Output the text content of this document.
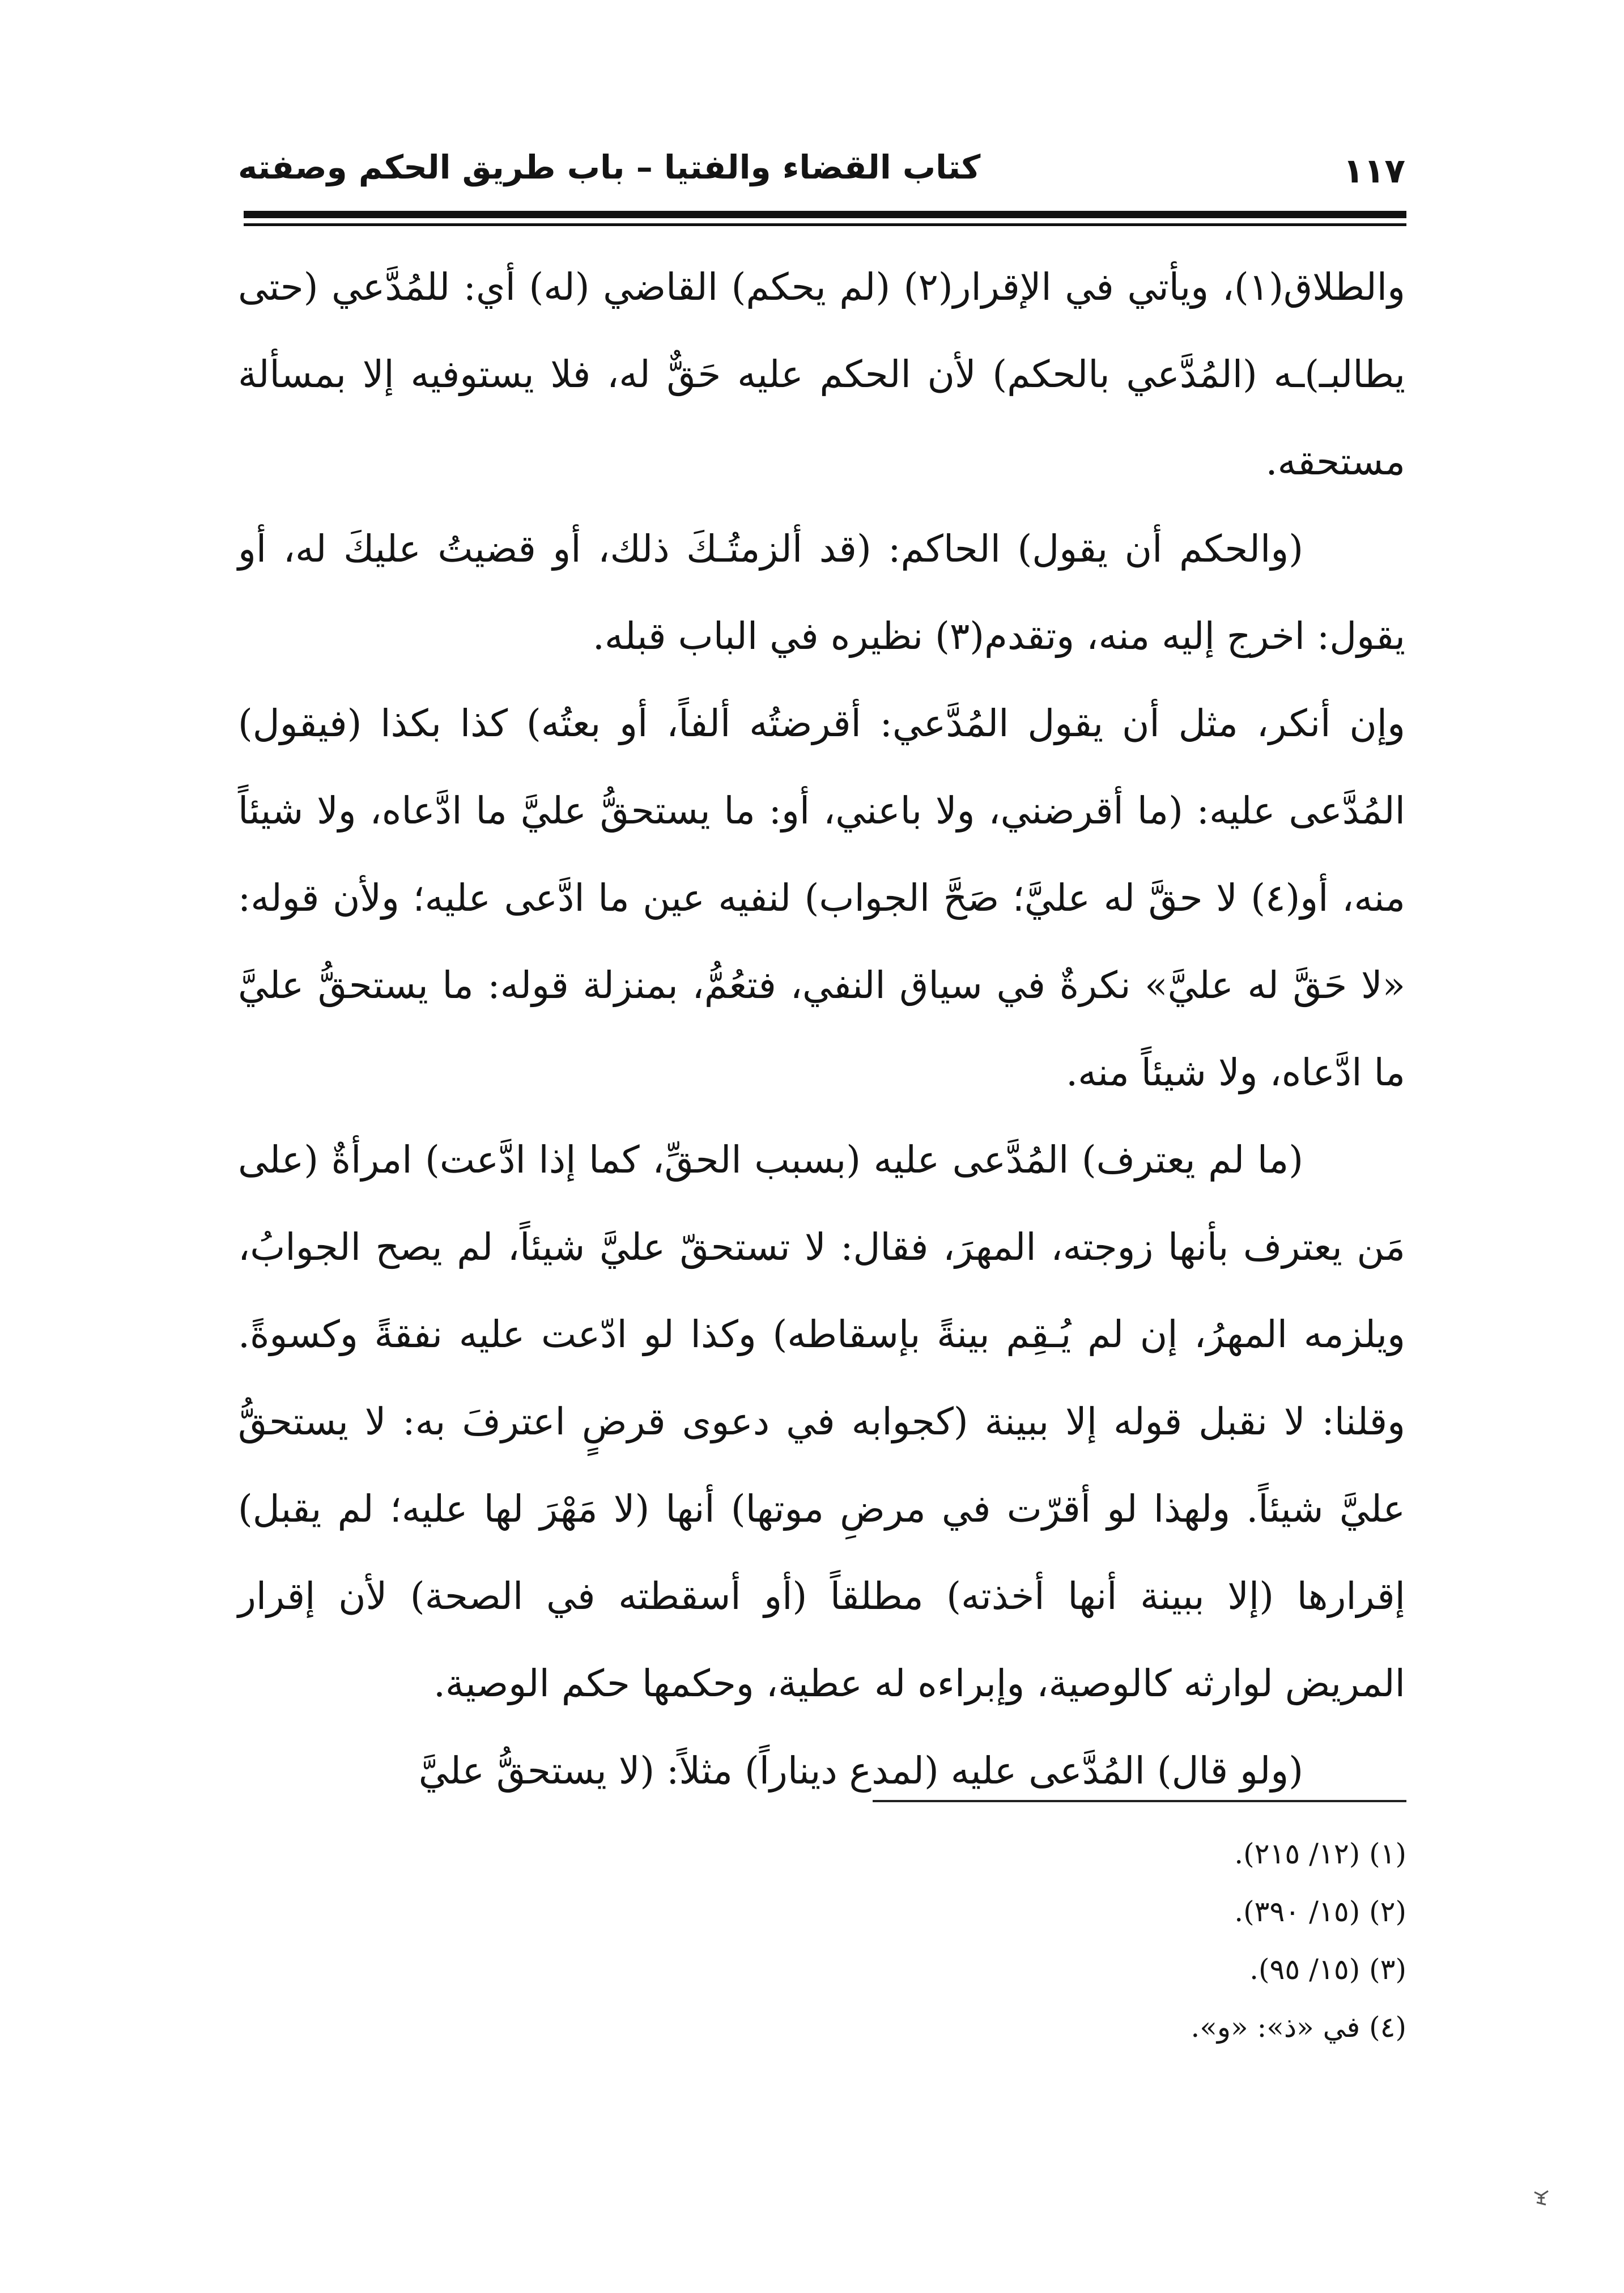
كتاب القضاء والفتيا – باب طريق الحكم وصفته	١١٧

والطلاق(١)، ويأتي في الإقرار(٢) (لم يحكم) القاضي (له) أي: للمُدَّعي (حتى يطالبـ)ـه (المُدَّعي بالحكم) لأن الحكم عليه حَقٌّ له، فلا يستوفيه إلا بمسألة مستحقه.

(والحكم أن يقول) الحاكم: (قد ألزمتُـكَ ذلك، أو قضيتُ عليكَ له، أو يقول: اخرج إليه منه، وتقدم(٣) نظيره في الباب قبله.

وإن أنكر، مثل أن يقول المُدَّعي: أقرضتُه ألفاً، أو بعتُه) كذا بكذا (فيقول) المُدَّعى عليه: (ما أقرضني، ولا باعني، أو: ما يستحقُّ عليَّ ما ادَّعاه، ولا شيئاً منه، أو(٤) لا حقَّ له عليَّ؛ صَحَّ الجواب) لنفيه عين ما ادَّعى عليه؛ ولأن قوله: «لا حَقَّ له عليَّ» نكرةٌ في سياق النفي، فتعُمُّ، بمنزلة قوله: ما يستحقُّ عليَّ ما ادَّعاه، ولا شيئاً منه.

(ما لم يعترف) المُدَّعى عليه (بسبب الحقِّ، كما إذا ادَّعت) امرأةٌ (على مَن يعترف بأنها زوجته، المهرَ، فقال: لا تستحقّ عليَّ شيئاً، لم يصح الجوابُ، ويلزمه المهرُ، إن لم يُـقِم بينةً بإسقاطه) وكذا لو ادّعت عليه نفقةً وكسوةً. وقلنا: لا نقبل قوله إلا ببينة (كجوابه في دعوى قرضٍ اعترفَ به: لا يستحقُّ عليَّ شيئاً. ولهذا لو أقرّت في مرضِ موتها) أنها (لا مَهْرَ لها عليه؛ لم يقبل) إقرارها (إلا ببينة أنها أخذته) مطلقاً (أو أسقطته في الصحة) لأن إقرار المريض لوارثه كالوصية، وإبراءه له عطية، وحكمها حكم الوصية.

(ولو قال) المُدَّعى عليه (لمدع ديناراً) مثلاً: (لا يستحقُّ عليَّ

(١) (١٢/ ٢١٥).

(٢) (١٥/ ٣٩٠).

(٣) (١٥/ ٩٥).

(٤) في «ذ»: «و».
